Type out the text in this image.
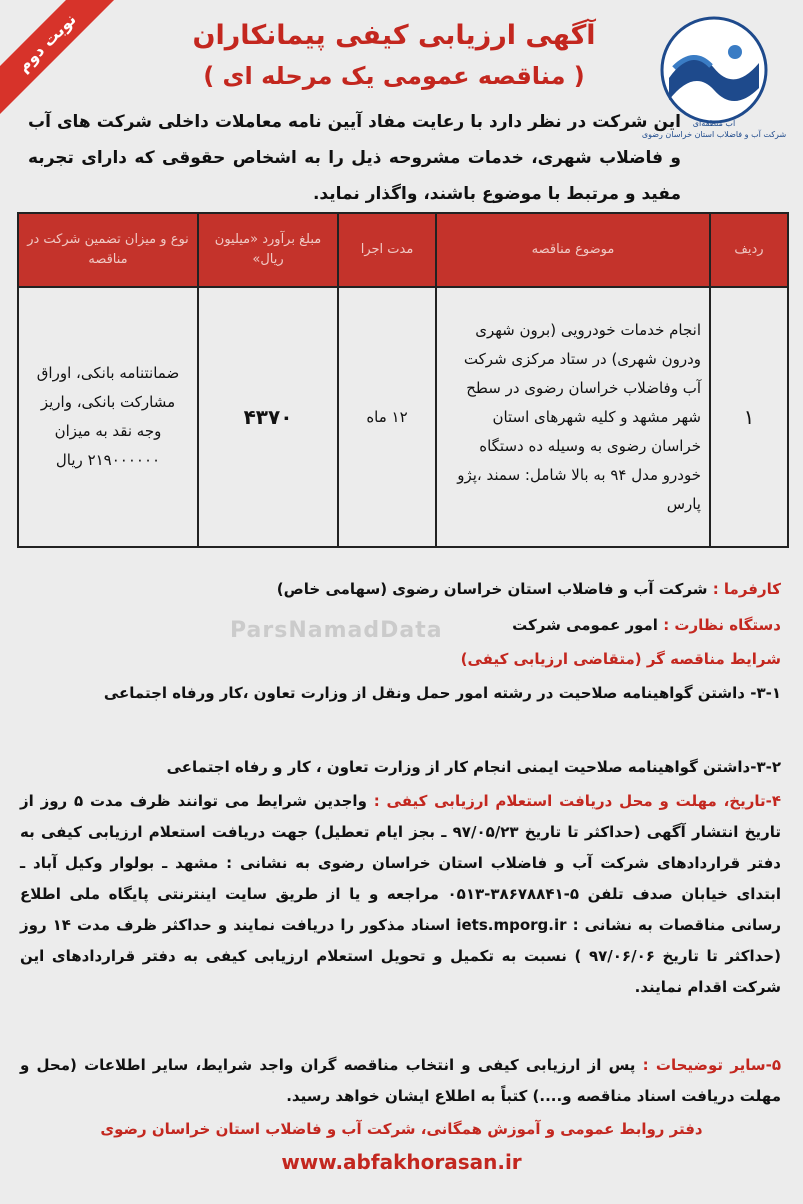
نوبت دوم
آب منطقه‌ای
شرکت آب و فاضلاب استان خراسان رضوی
آگهی ارزیابی کیفی پیمانکاران
( مناقصه عمومی یک مرحله ای )
این شرکت در نظر دارد با رعایت مفاد آیین نامه معاملات داخلی شرکت های آب و فاضلاب شهری، خدمات مشروحه ذیل را به اشخاص حقوقی که دارای تجربه مفید و مرتبط با موضوع باشند، واگذار نماید.
ردیف	موضوع مناقصه	مدت اجرا	مبلغ برآورد «میلیون ریال»	نوع و میزان تضمین شرکت در مناقصه
۱	انجام خدمات خودرویی (برون شهری ودرون شهری) در ستاد مرکزی شرکت آب وفاضلاب خراسان رضوی در سطح شهر مشهد و کلیه شهرهای استان خراسان رضوی به وسیله ده دستگاه خودرو مدل ۹۴ به بالا شامل: سمند ،پژو پارس	۱۲ ماه	۴۳۷۰	ضمانتنامه بانکی، اوراق مشارکت بانکی، واریز وجه نقد به میزان ۲۱۹۰۰۰۰۰۰ ریال
کارفرما : شرکت آب و فاضلاب استان خراسان رضوی (سهامی خاص)
دستگاه نظارت : امور عمومی شرکت
شرایط مناقصه گر (متقاضی ارزیابی کیفی)
۳-۱- داشتن گواهینامه صلاحیت در رشته امور حمل ونقل از وزارت تعاون ،کار ورفاه اجتماعی
۳-۲-داشتن گواهینامه صلاحیت ایمنی انجام کار از وزارت تعاون ، کار و رفاه اجتماعی
۴-تاریخ، مهلت و محل دریافت استعلام ارزیابی کیفی : واجدین شرایط می توانند ظرف مدت ۵ روز از تاریخ انتشار آگهی (حداکثر تا تاریخ ۹۷/۰۵/۲۳ ـ بجز ایام تعطیل) جهت دریافت استعلام ارزیابی کیفی به دفتر قراردادهای شرکت آب و فاضلاب استان خراسان رضوی به نشانی : مشهد ـ بولوار وکیل آباد ـ ابتدای خیابان صدف تلفن ۵-۳۸۶۷۸۸۴۱-۰۵۱۳ مراجعه و یا از طریق سایت اینترنتی پایگاه ملی اطلاع رسانی مناقصات به نشانی : iets.mporg.ir اسناد مذکور را دریافت نمایند و حداکثر ظرف مدت ۱۴ روز (حداکثر تا تاریخ ۹۷/۰۶/۰۶ ) نسبت به تکمیل و تحویل استعلام ارزیابی کیفی به دفتر قراردادهای این شرکت اقدام نمایند.
۵-سایر توضیحات : پس از ارزیابی کیفی و انتخاب مناقصه گران واجد شرایط، سایر اطلاعات (محل و مهلت دریافت اسناد مناقصه و....) کتباً به اطلاع ایشان خواهد رسید.
دفتر روابط عمومی و آموزش همگانی، شرکت آب و فاضلاب استان خراسان رضوی
www.abfakhorasan.ir
ParsNamadData
